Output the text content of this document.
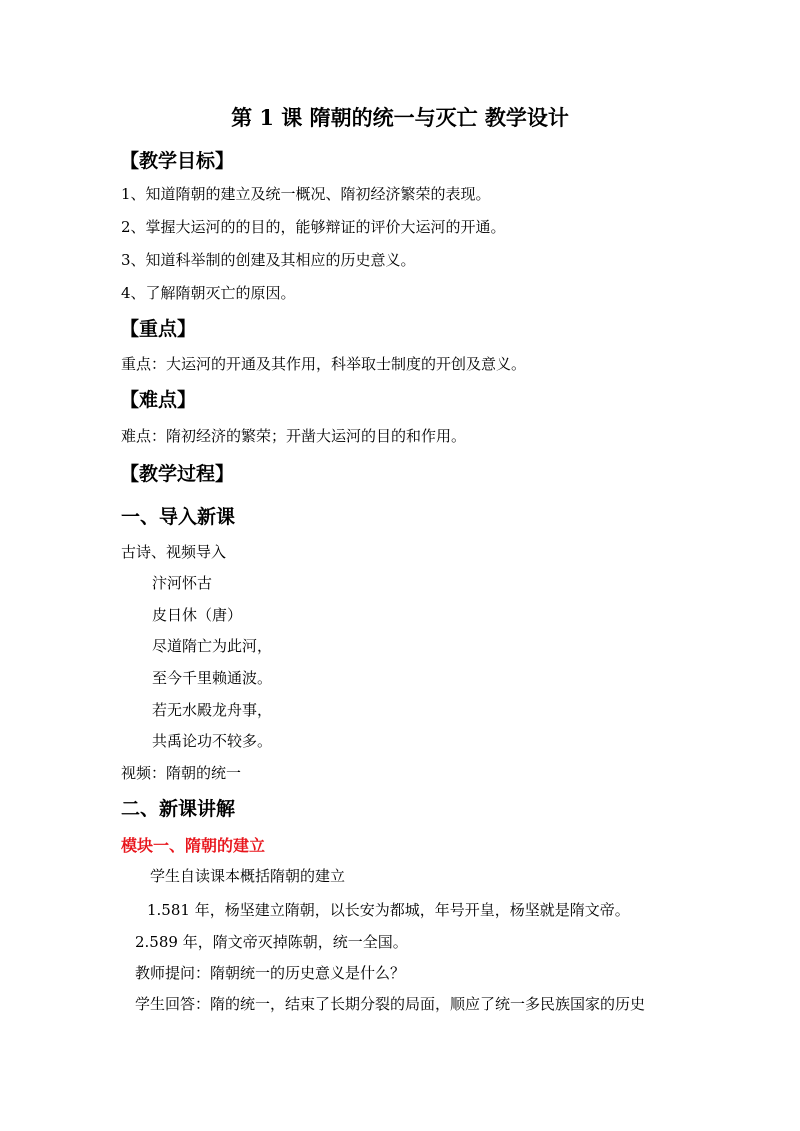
第 1 课 隋朝的统一与灭亡 教学设计
【教学目标】
1、知道隋朝的建立及统一概况、隋初经济繁荣的表现。
2、掌握大运河的的目的，能够辩证的评价大运河的开通。
3、知道科举制的创建及其相应的历史意义。
4、了解隋朝灭亡的原因。
【重点】
重点：大运河的开通及其作用，科举取士制度的开创及意义。
【难点】
难点：隋初经济的繁荣；开凿大运河的目的和作用。
【教学过程】
一、导入新课
古诗、视频导入
汴河怀古
皮日休（唐）
尽道隋亡为此河，
至今千里赖通波。
若无水殿龙舟事，
共禹论功不较多。
视频：隋朝的统一
二、新课讲解
模块一、隋朝的建立
学生自读课本概括隋朝的建立
1.581 年，杨坚建立隋朝，以长安为都城，年号开皇，杨坚就是隋文帝。
2.589 年，隋文帝灭掉陈朝，统一全国。
教师提问：隋朝统一的历史意义是什么？
学生回答：隋的统一，结束了长期分裂的局面，顺应了统一多民族国家的历史
